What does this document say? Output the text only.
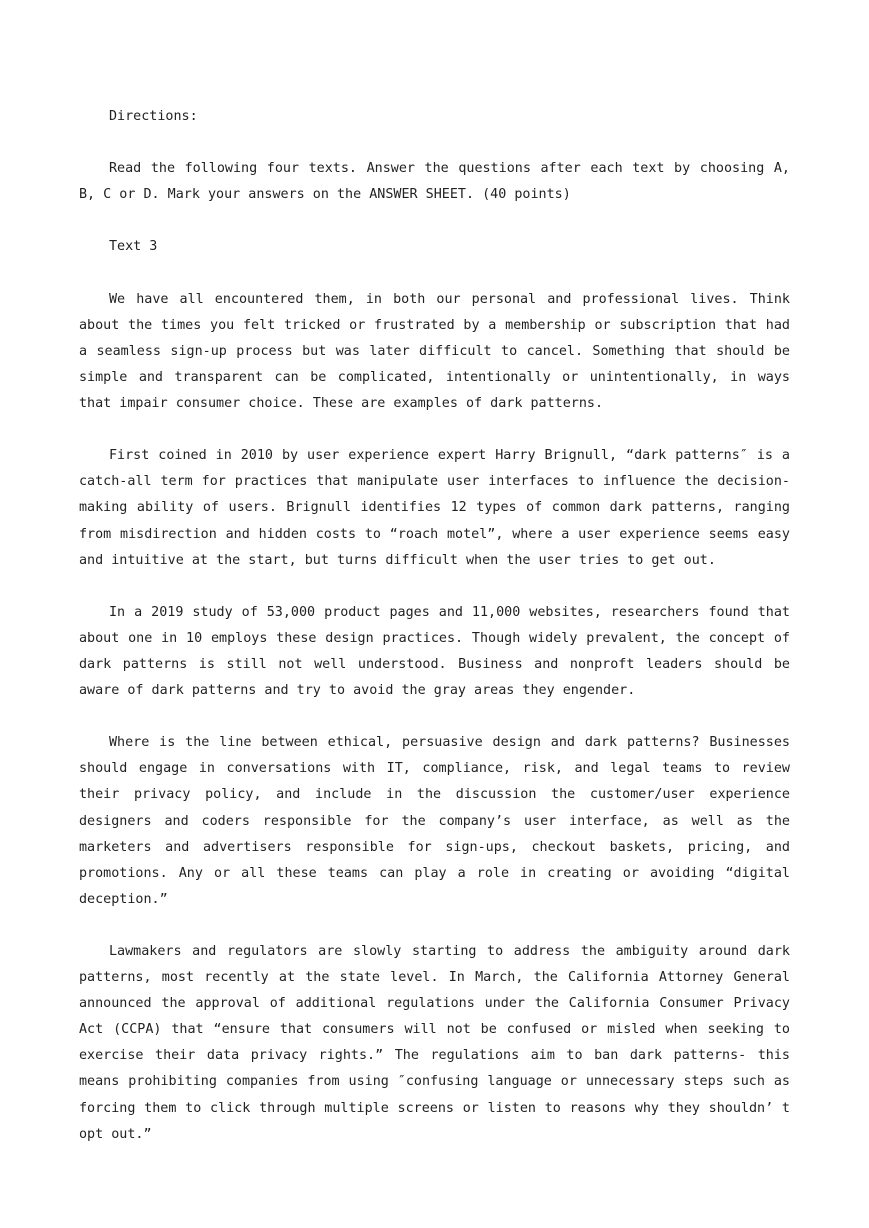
Directions:

Read the following four texts. Answer the questions after each text by choosing A, B, C or D. Mark your answers on the ANSWER SHEET. (40 points)

Text 3

We have all encountered them, in both our personal and professional lives. Think about the times you felt tricked or frustrated by a membership or subscription that had a seamless sign-up process but was later difficult to cancel. Something that should be simple and transparent can be complicated, intentionally or unintentionally, in ways that impair consumer choice. These are examples of dark patterns.

First coined in 2010 by user experience expert Harry Brignull, “dark patterns″ is a catch-all term for practices that manipulate user interfaces to influence the decision-making ability of users. Brignull identifies 12 types of common dark patterns, ranging from misdirection and hidden costs to “roach motel”, where a user experience seems easy and intuitive at the start, but turns difficult when the user tries to get out.

In a 2019 study of 53,000 product pages and 11,000 websites, researchers found that about one in 10 employs these design practices. Though widely prevalent, the concept of dark patterns is still not well understood. Business and nonproft leaders should be aware of dark patterns and try to avoid the gray areas they engender.

Where is the line between ethical, persuasive design and dark patterns? Businesses should engage in conversations with IT, compliance, risk, and legal teams to review their privacy policy, and include in the discussion the customer/user experience designers and coders responsible for the company’s user interface, as well as the marketers and advertisers responsible for sign-ups, checkout baskets, pricing, and promotions. Any or all these teams can play a role in creating or avoiding “digital deception.”

Lawmakers and regulators are slowly starting to address the ambiguity around dark patterns, most recently at the state level. In March, the California Attorney General announced the approval of additional regulations under the California Consumer Privacy Act (CCPA) that “ensure that consumers will not be confused or misled when seeking to exercise their data privacy rights.” The regulations aim to ban dark patterns- this means prohibiting companies from using ″confusing language or unnecessary steps such as forcing them to click through multiple screens or listen to reasons why they shouldn’ t opt out.”
